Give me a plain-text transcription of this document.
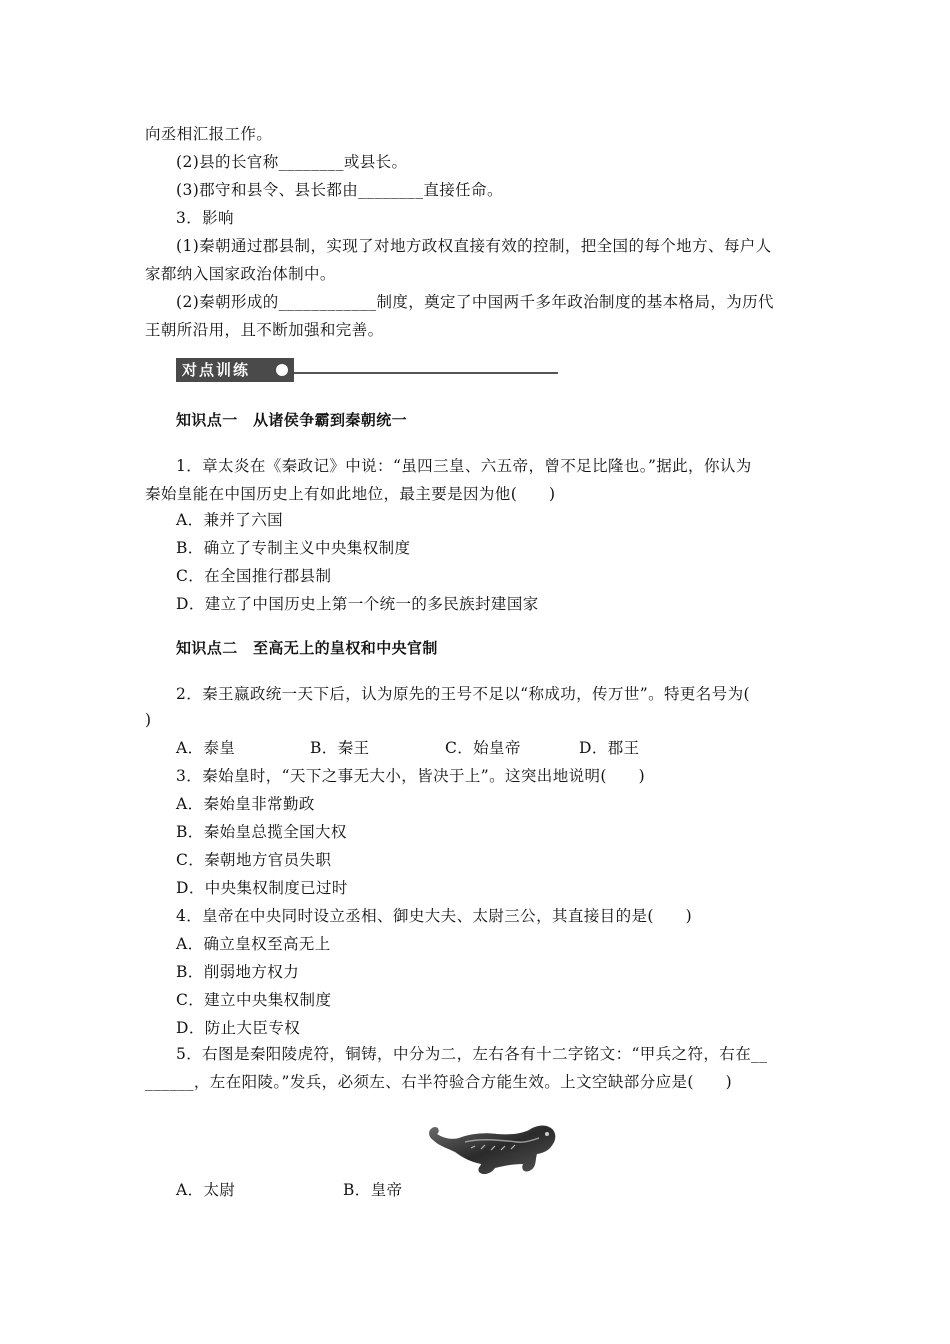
向丞相汇报工作。
(2)县的长官称________或县长。
(3)郡守和县令、县长都由________直接任命。
3．影响
(1)秦朝通过郡县制，实现了对地方政权直接有效的控制，把全国的每个地方、每户人
家都纳入国家政治体制中。
(2)秦朝形成的____________制度，奠定了中国两千多年政治制度的基本格局，为历代
王朝所沿用，且不断加强和完善。
对点训练
知识点一　从诸侯争霸到秦朝统一
1．章太炎在《秦政记》中说：“虽四三皇、六五帝，曾不足比隆也。”据此，你认为
秦始皇能在中国历史上有如此地位，最主要是因为他(　　)
A．兼并了六国
B．确立了专制主义中央集权制度
C．在全国推行郡县制
D．建立了中国历史上第一个统一的多民族封建国家
知识点二　至高无上的皇权和中央官制
2．秦王嬴政统一天下后，认为原先的王号不足以“称成功，传万世”。特更名号为(
)
A．泰皇	B．秦王	C．始皇帝	D．郡王
3．秦始皇时，“天下之事无大小，皆决于上”。这突出地说明(　　)
A．秦始皇非常勤政
B．秦始皇总揽全国大权
C．秦朝地方官员失职
D．中央集权制度已过时
4．皇帝在中央同时设立丞相、御史大夫、太尉三公，其直接目的是(　　)
A．确立皇权至高无上
B．削弱地方权力
C．建立中央集权制度
D．防止大臣专权
5．右图是秦阳陵虎符，铜铸，中分为二，左右各有十二字铭文：“甲兵之符，右在__
______，左在阳陵。”发兵，必须左、右半符验合方能生效。上文空缺部分应是(　　)
A．太尉	B．皇帝
